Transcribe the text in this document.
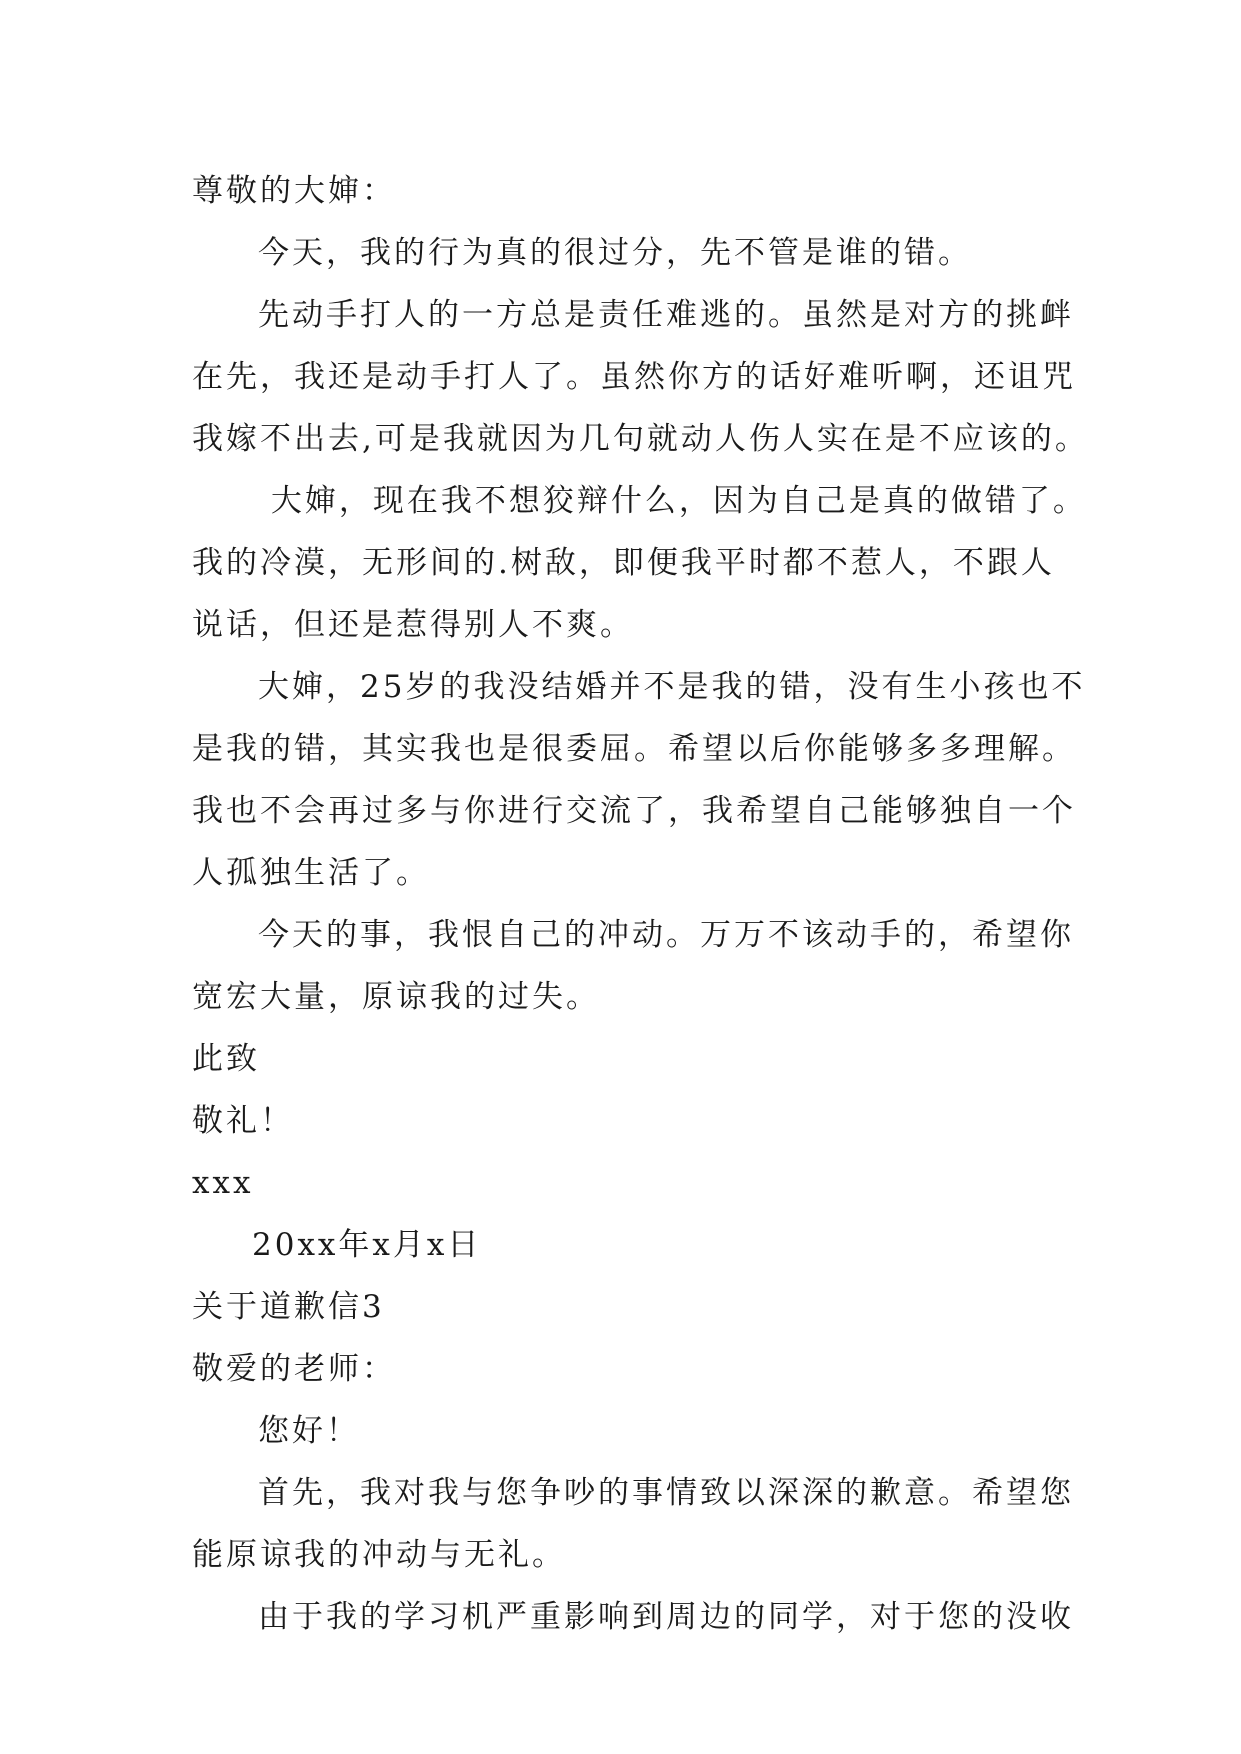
尊敬的大婶：

今天，我的行为真的很过分，先不管是谁的错。

先动手打人的一方总是责任难逃的。虽然是对方的挑衅

在先，我还是动手打人了。虽然你方的话好难听啊，还诅咒

我嫁不出去,可是我就因为几句就动人伤人实在是不应该的。

大婶，现在我不想狡辩什么，因为自己是真的做错了。

我的冷漠，无形间的.树敌，即便我平时都不惹人，不跟人

说话，但还是惹得别人不爽。

大婶，25岁的我没结婚并不是我的错，没有生小孩也不

是我的错，其实我也是很委屈。希望以后你能够多多理解。

我也不会再过多与你进行交流了，我希望自己能够独自一个

人孤独生活了。

今天的事，我恨自己的冲动。万万不该动手的，希望你

宽宏大量，原谅我的过失。

此致

敬礼！

xxx

20xx年x月x日

关于道歉信3

敬爱的老师：

您好！

首先，我对我与您争吵的事情致以深深的歉意。希望您

能原谅我的冲动与无礼。

由于我的学习机严重影响到周边的同学，对于您的没收
